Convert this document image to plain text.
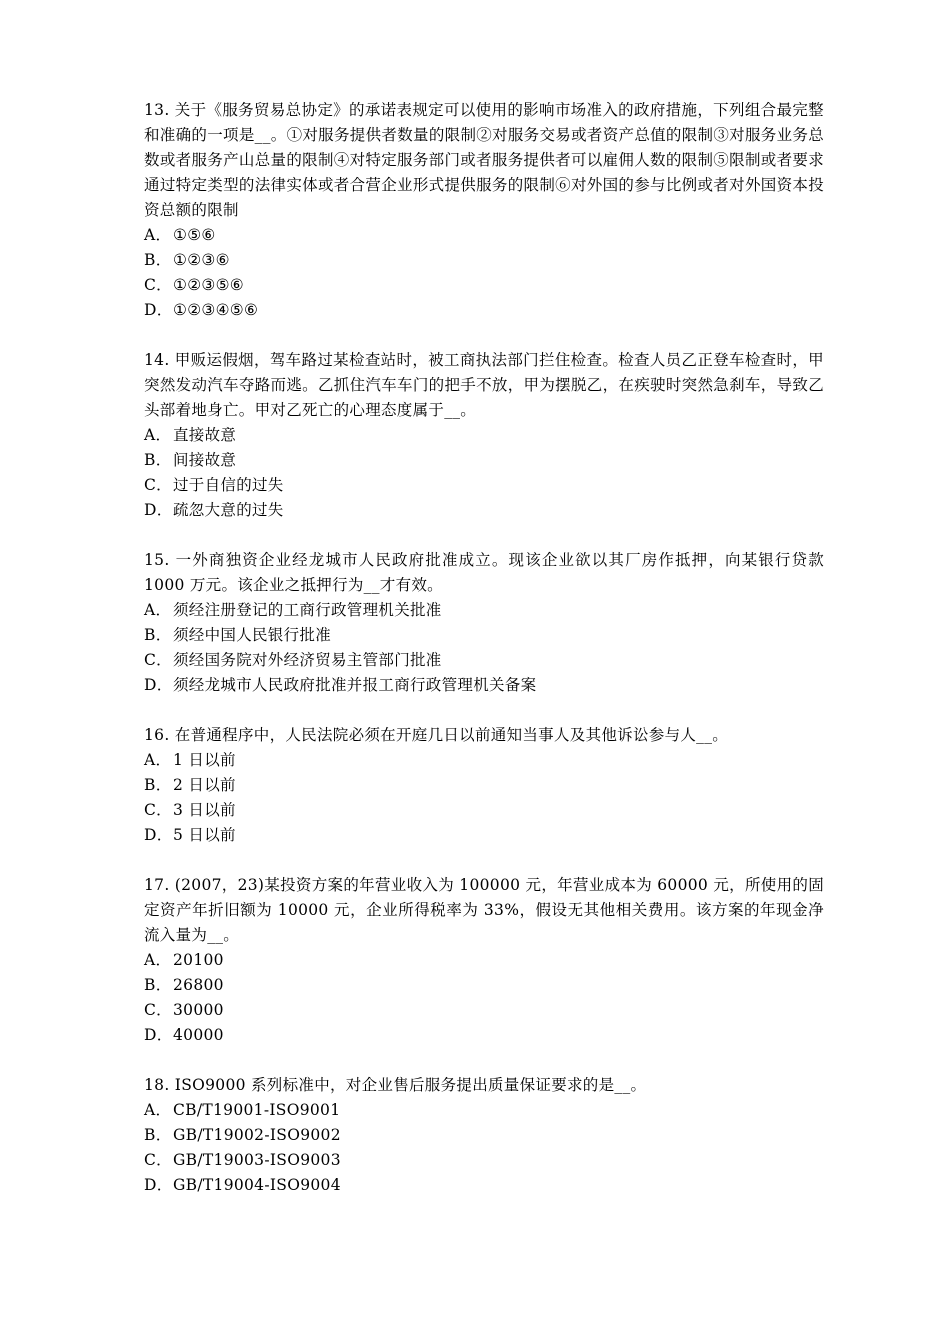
13. 关于《服务贸易总协定》的承诺表规定可以使用的影响市场准入的政府措施，下列组合最完整和准确的一项是__。①对服务提供者数量的限制②对服务交易或者资产总值的限制③对服务业务总数或者服务产山总量的限制④对特定服务部门或者服务提供者可以雇佣人数的限制⑤限制或者要求通过特定类型的法律实体或者合营企业形式提供服务的限制⑥对外国的参与比例或者对外国资本投资总额的限制
A． ①⑤⑥
B．①②③⑥
C．①②③⑤⑥
D．①②③④⑤⑥
14. 甲贩运假烟，驾车路过某检查站时，被工商执法部门拦住检查。检查人员乙正登车检查时，甲突然发动汽车夺路而逃。乙抓住汽车车门的把手不放，甲为摆脱乙，在疾驶时突然急刹车，导致乙头部着地身亡。甲对乙死亡的心理态度属于__。
A． 直接故意
B．间接故意
C．过于自信的过失
D．疏忽大意的过失
15. 一外商独资企业经龙城市人民政府批准成立。现该企业欲以其厂房作抵押，向某银行贷款 1000 万元。该企业之抵押行为__才有效。
A． 须经注册登记的工商行政管理机关批准
B．须经中国人民银行批准
C．须经国务院对外经济贸易主管部门批准
D．须经龙城市人民政府批准并报工商行政管理机关备案
16. 在普通程序中，人民法院必须在开庭几日以前通知当事人及其他诉讼参与人__。
A． 1 日以前
B．2 日以前
C．3 日以前
D．5 日以前
17. (2007，23)某投资方案的年营业收入为 100000 元，年营业成本为 60000 元，所使用的固定资产年折旧额为 10000 元，企业所得税率为 33%，假设无其他相关费用。该方案的年现金净流入量为__。
A． 20100
B．26800
C．30000
D．40000
18. ISO9000 系列标准中，对企业售后服务提出质量保证要求的是__。
A． CB/T19001-ISO9001
B．GB/T19002-ISO9002
C．GB/T19003-ISO9003
D．GB/T19004-ISO9004
